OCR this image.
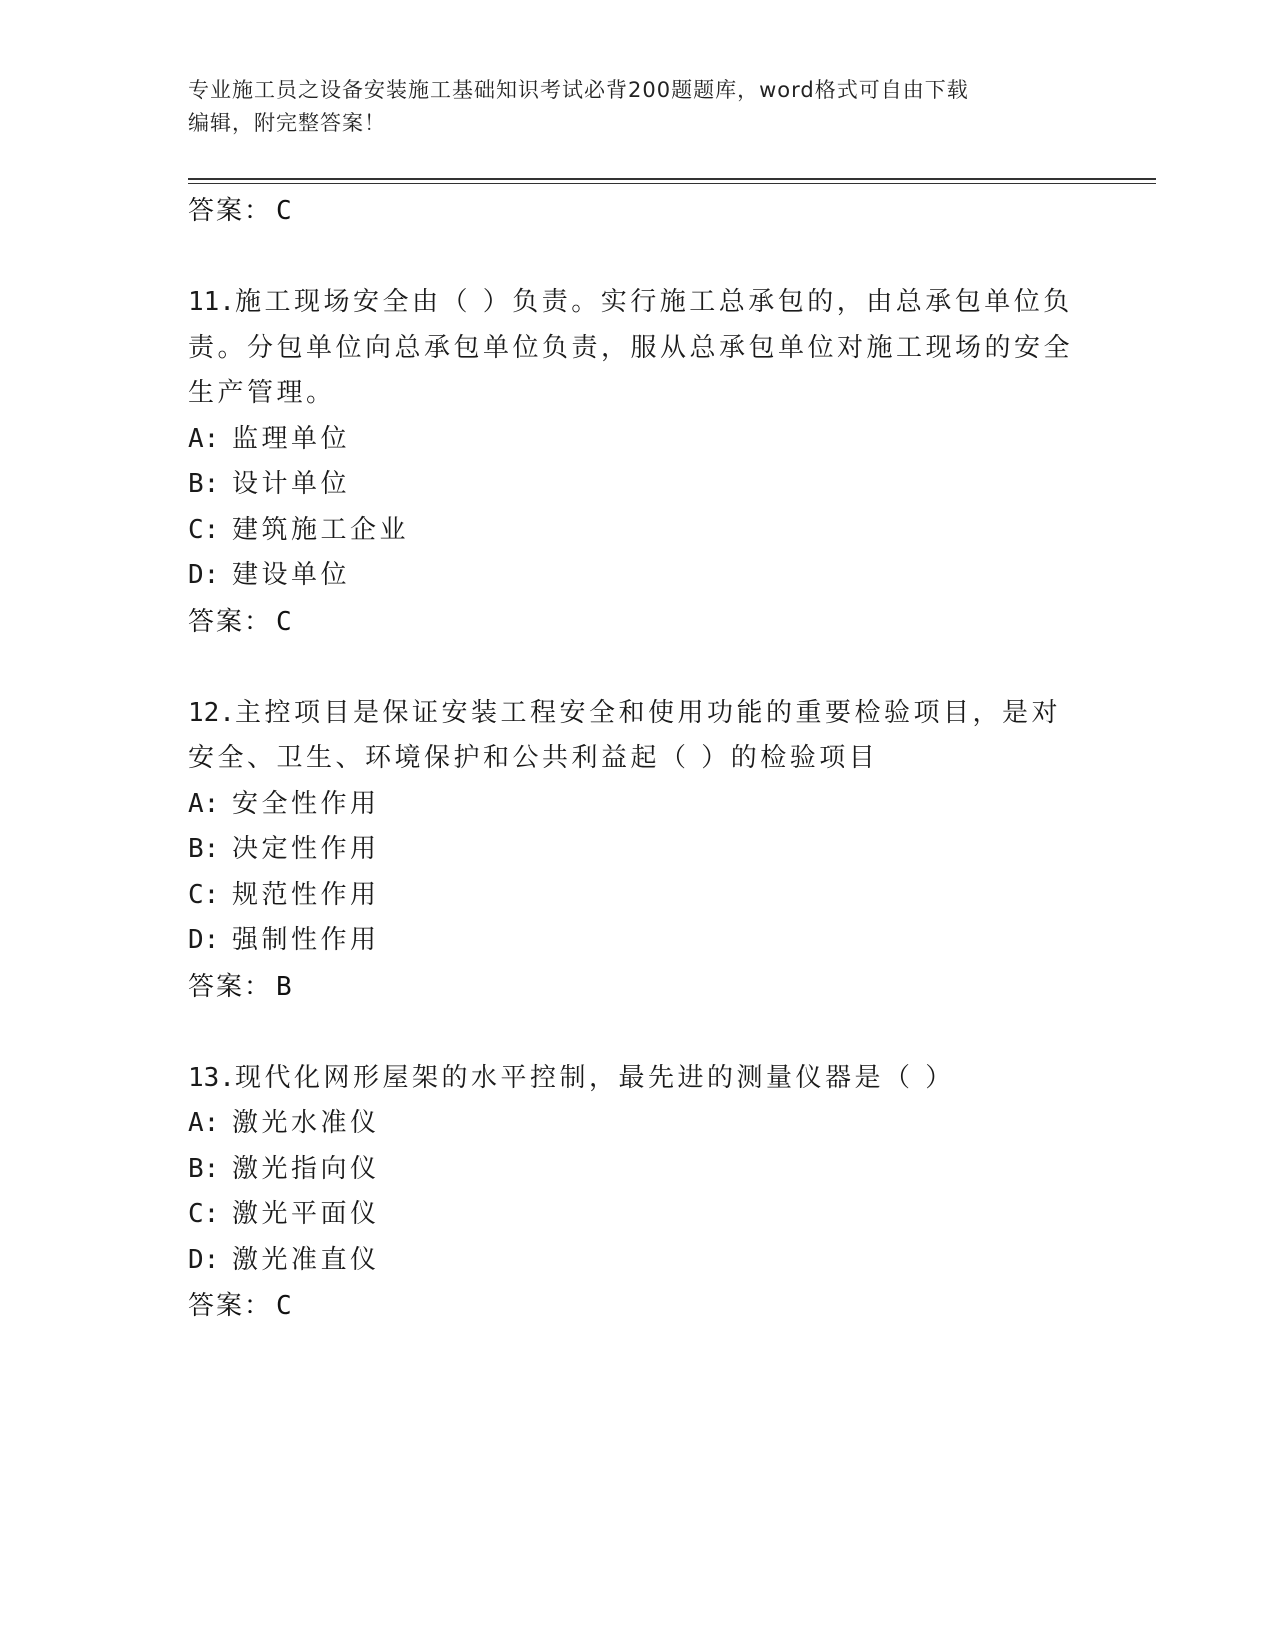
专业施工员之设备安装施工基础知识考试必背200题题库，word格式可自由下载
编辑，附完整答案！
答案： C
11.施工现场安全由（ ）负责。实行施工总承包的，由总承包单位负责。分包单位向总承包单位负责，服从总承包单位对施工现场的安全生产管理。
A: 监理单位
B: 设计单位
C: 建筑施工企业
D: 建设单位
答案： C
12.主控项目是保证安装工程安全和使用功能的重要检验项目，是对安全、卫生、环境保护和公共利益起（ ）的检验项目
A: 安全性作用
B: 决定性作用
C: 规范性作用
D: 强制性作用
答案： B
13.现代化网形屋架的水平控制，最先进的测量仪器是（ ）
A: 激光水准仪
B: 激光指向仪
C: 激光平面仪
D: 激光准直仪
答案： C
